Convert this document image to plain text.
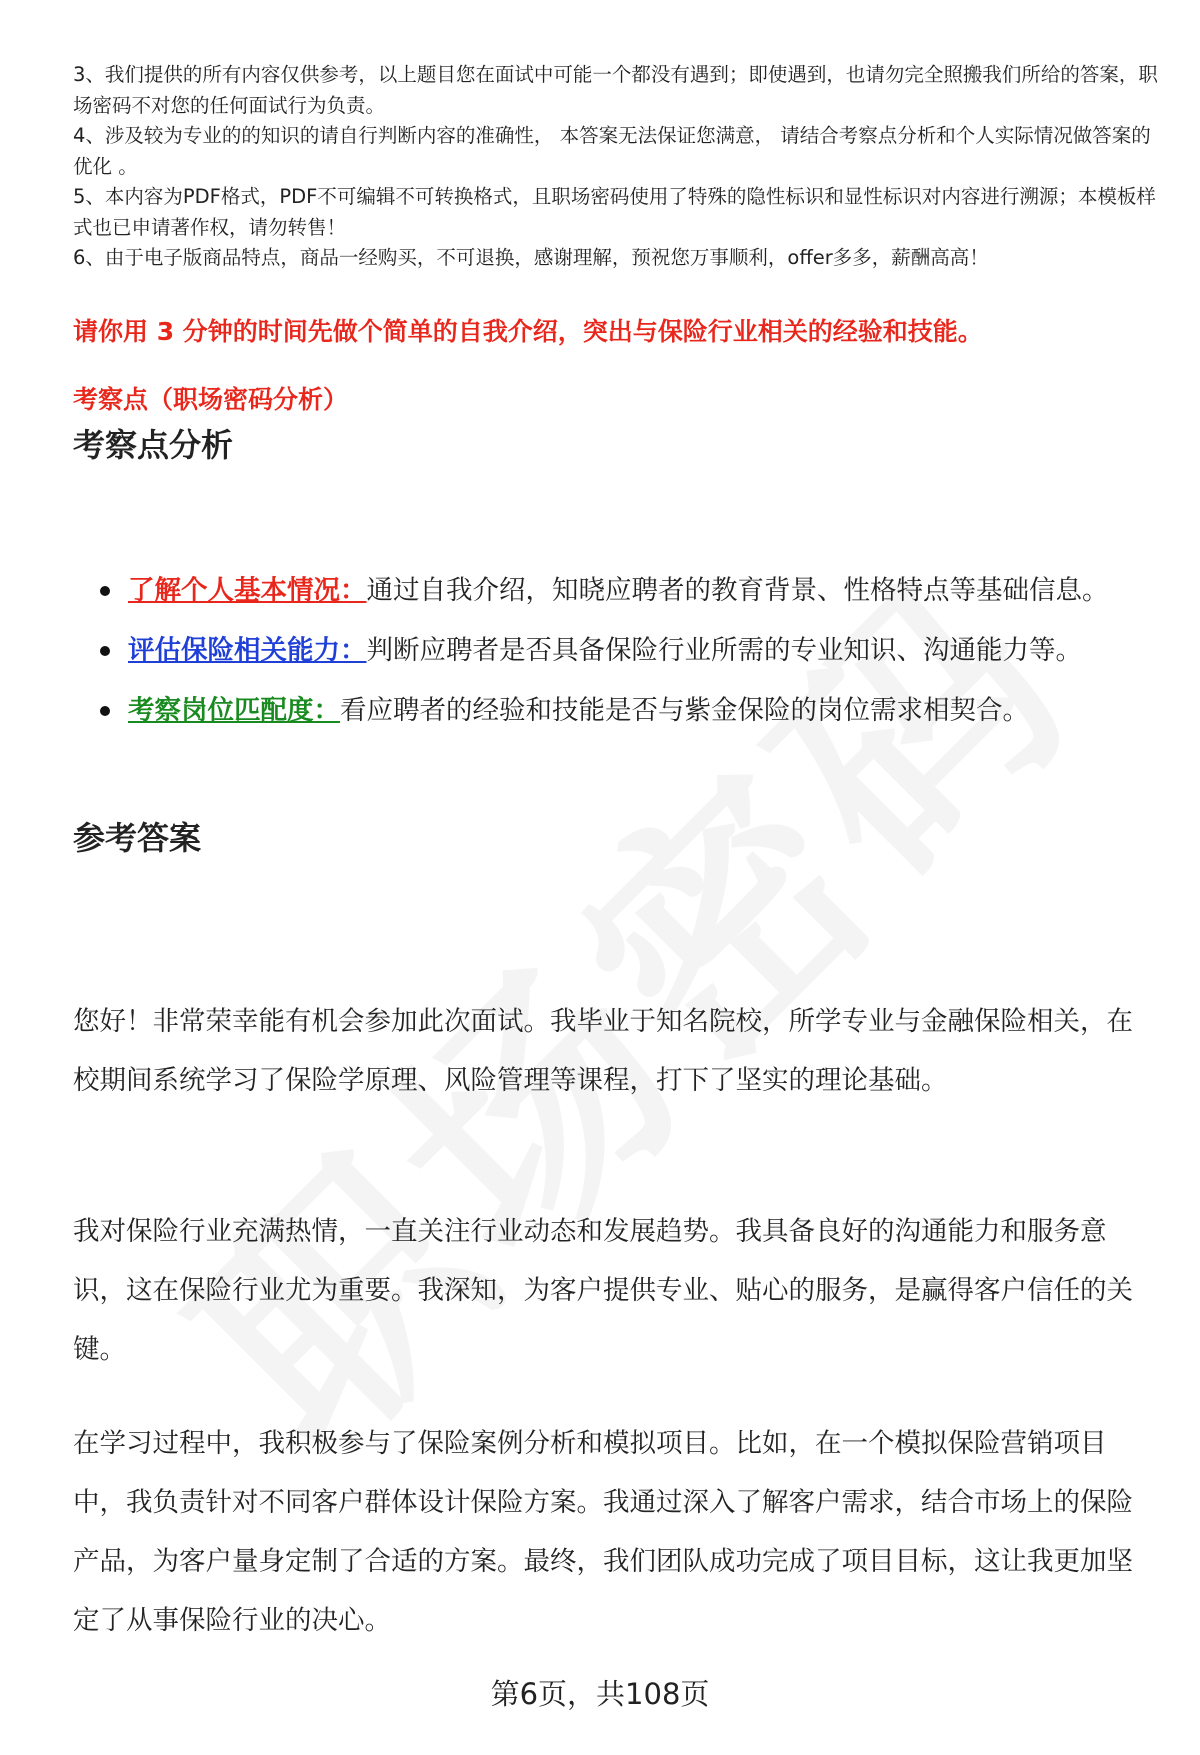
3、我们提供的所有内容仅供参考，以上题目您在面试中可能一个都没有遇到；即使遇到，也请勿完全照搬我们所给的答案，职场密码不对您的任何面试行为负责。

4、涉及较为专业的的知识的请自行判断内容的准确性， 本答案无法保证您满意， 请结合考察点分析和个人实际情况做答案的优化 。

5、本内容为PDF格式，PDF不可编辑不可转换格式，且职场密码使用了特殊的隐性标识和显性标识对内容进行溯源；本模板样式也已申请著作权，请勿转售！

6、由于电子版商品特点，商品一经购买，不可退换，感谢理解，预祝您万事顺利，offer多多，薪酬高高！

请你用 3 分钟的时间先做个简单的自我介绍，突出与保险行业相关的经验和技能。
考察点（职场密码分析）
考察点分析
了解个人基本情况：通过自我介绍，知晓应聘者的教育背景、性格特点等基础信息。
评估保险相关能力：判断应聘者是否具备保险行业所需的专业知识、沟通能力等。
考察岗位匹配度：看应聘者的经验和技能是否与紫金保险的岗位需求相契合。
参考答案

您好！非常荣幸能有机会参加此次面试。我毕业于知名院校，所学专业与金融保险相关，在校期间系统学习了保险学原理、风险管理等课程，打下了坚实的理论基础。

我对保险行业充满热情，一直关注行业动态和发展趋势。我具备良好的沟通能力和服务意识，这在保险行业尤为重要。我深知，为客户提供专业、贴心的服务，是赢得客户信任的关键。

在学习过程中，我积极参与了保险案例分析和模拟项目。比如，在一个模拟保险营销项目中，我负责针对不同客户群体设计保险方案。我通过深入了解客户需求，结合市场上的保险产品，为客户量身定制了合适的方案。最终，我们团队成功完成了项目目标，这让我更加坚定了从事保险行业的决心。

第6页，共108页
